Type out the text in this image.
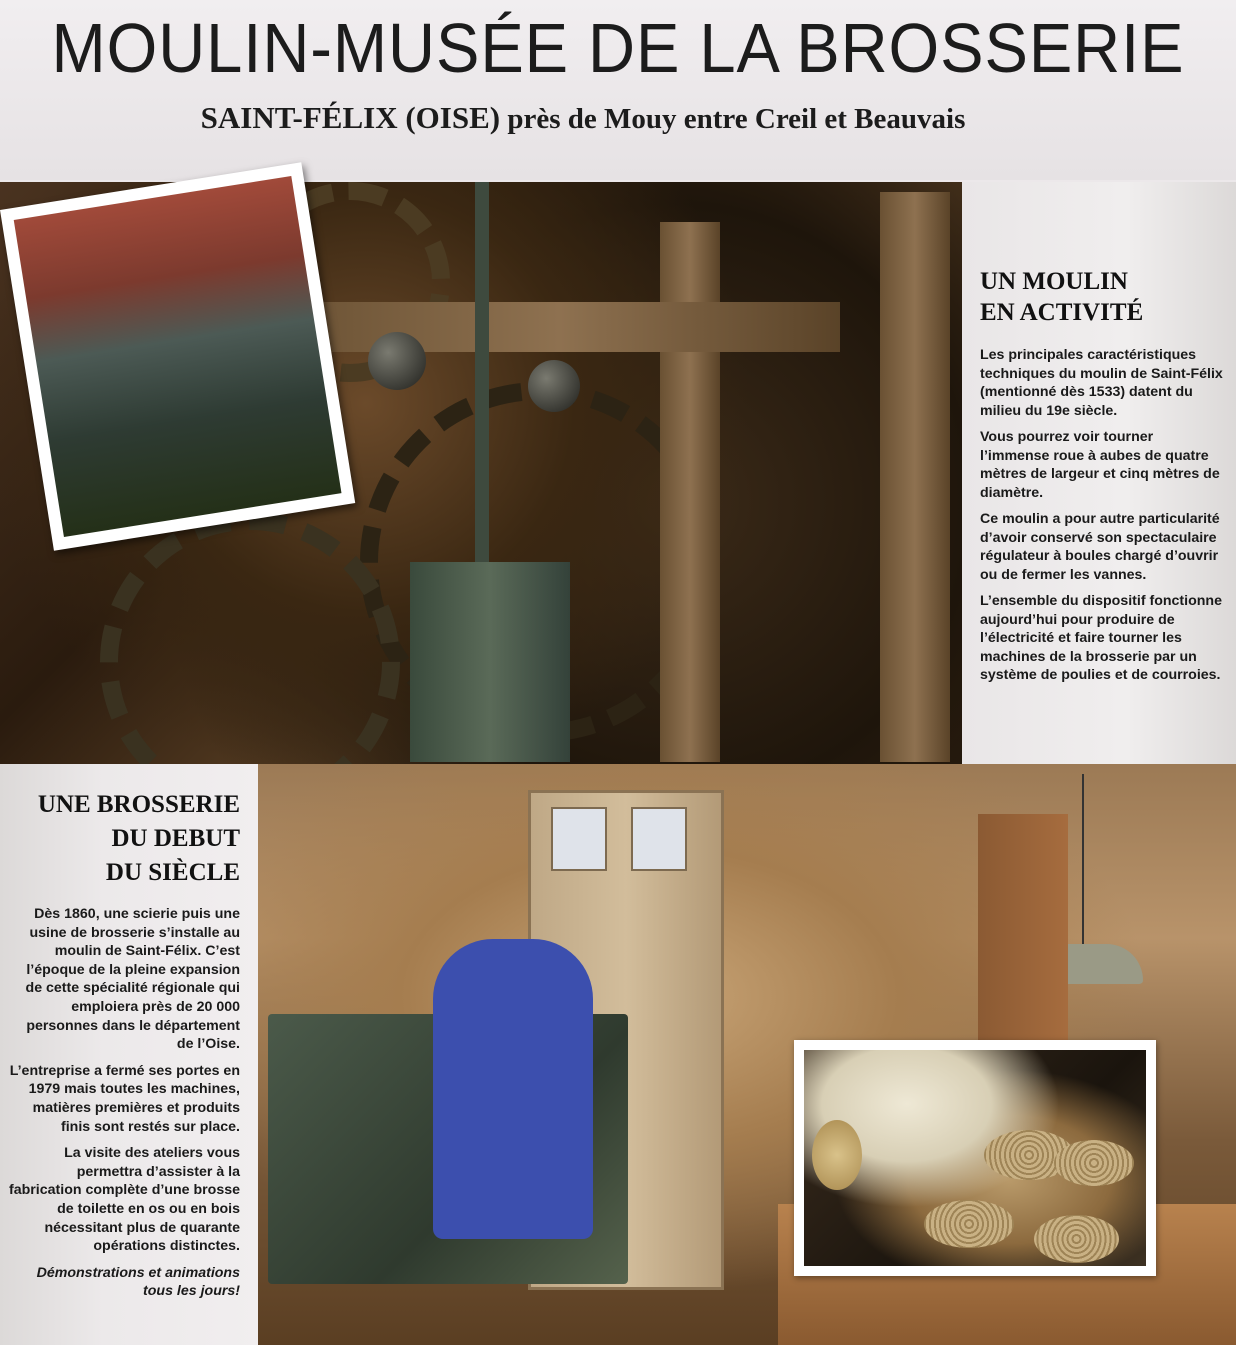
MOULIN-MUSÉE DE LA BROSSERIE
SAINT-FÉLIX (OISE) près de Mouy entre Creil et Beauvais
UN MOULIN
EN ACTIVITÉ

Les principales caractéristiques techniques du moulin de Saint-Félix (mentionné dès 1533) datent du milieu du 19e siècle.

Vous pourrez voir tourner l’immense roue à aubes de quatre mètres de largeur et cinq mètres de diamètre.

Ce moulin a pour autre particularité d’avoir conservé son spectaculaire régulateur à boules chargé d’ouvrir ou de fermer les vannes.

L’ensemble du dispositif fonctionne aujourd’hui pour produire de l’électricité et faire tourner les machines de la brosserie par un système de poulies et de courroies.

UNE BROSSERIE
DU DEBUT
DU SIÈCLE

Dès 1860, une scierie puis une usine de brosserie s’installe au moulin de Saint-Félix. C’est l’époque de la pleine expansion de cette spécialité régionale qui emploiera près de 20 000 personnes dans le département de l’Oise.

L’entreprise a fermé ses portes en 1979 mais toutes les machines, matières premières et produits finis sont restés sur place.

La visite des ateliers vous permettra d’assister à la fabrication complète d’une brosse de toilette en os ou en bois nécessitant plus de quarante opérations distinctes.

Démonstrations et animations tous les jours!
